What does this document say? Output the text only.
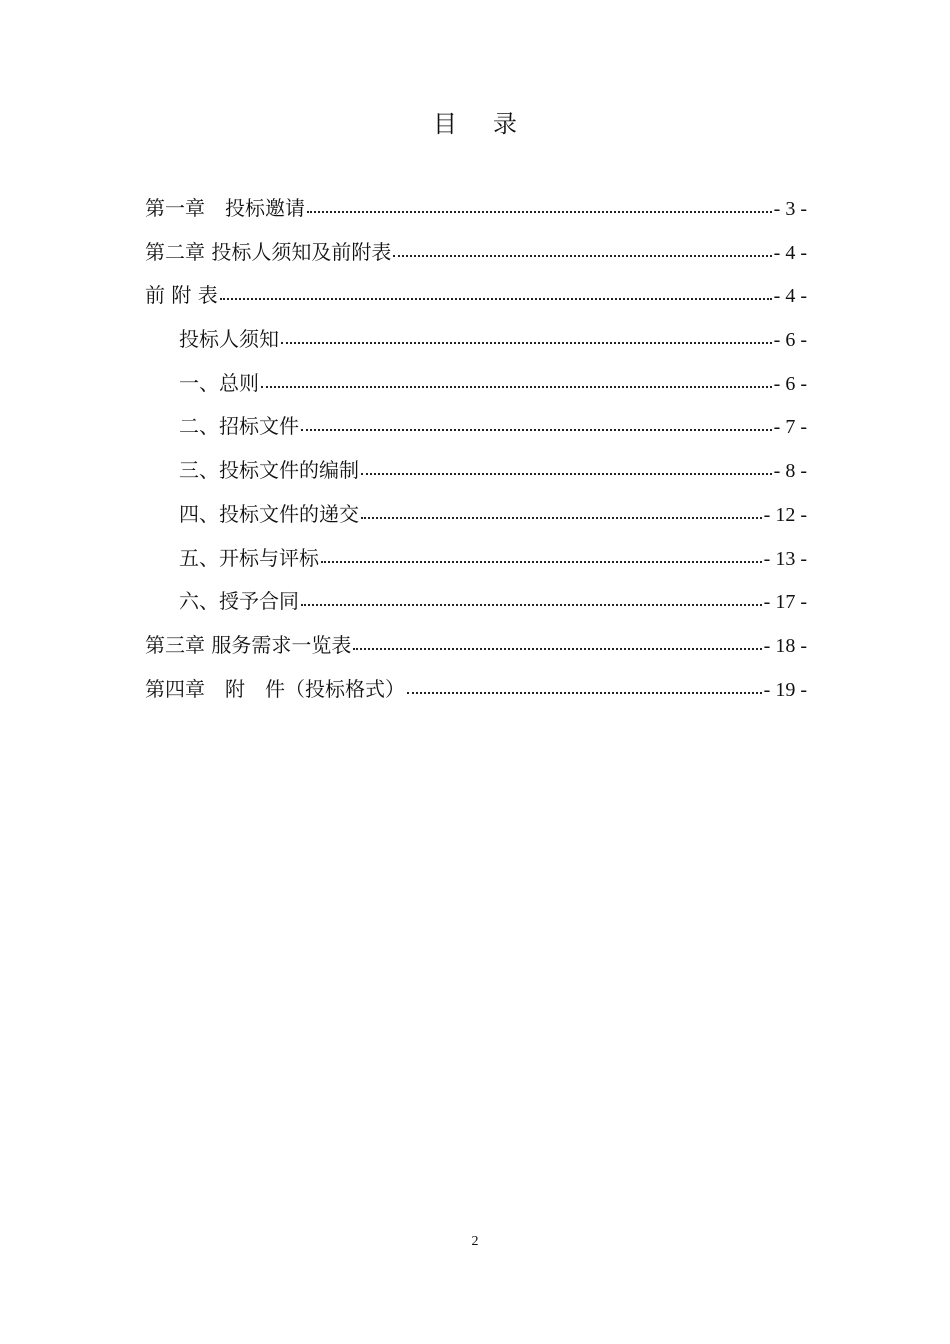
目 录
第一章　投标邀请	- 3 -
第二章 投标人须知及前附表	- 4 -
前 附 表	- 4 -
投标人须知	- 6 -
一、总则	- 6 -
二、招标文件	- 7 -
三、投标文件的编制	- 8 -
四、投标文件的递交	- 12 -
五、开标与评标	- 13 -
六、授予合同	- 17 -
第三章 服务需求一览表	- 18 -
第四章　附　件（投标格式）	- 19 -
2
